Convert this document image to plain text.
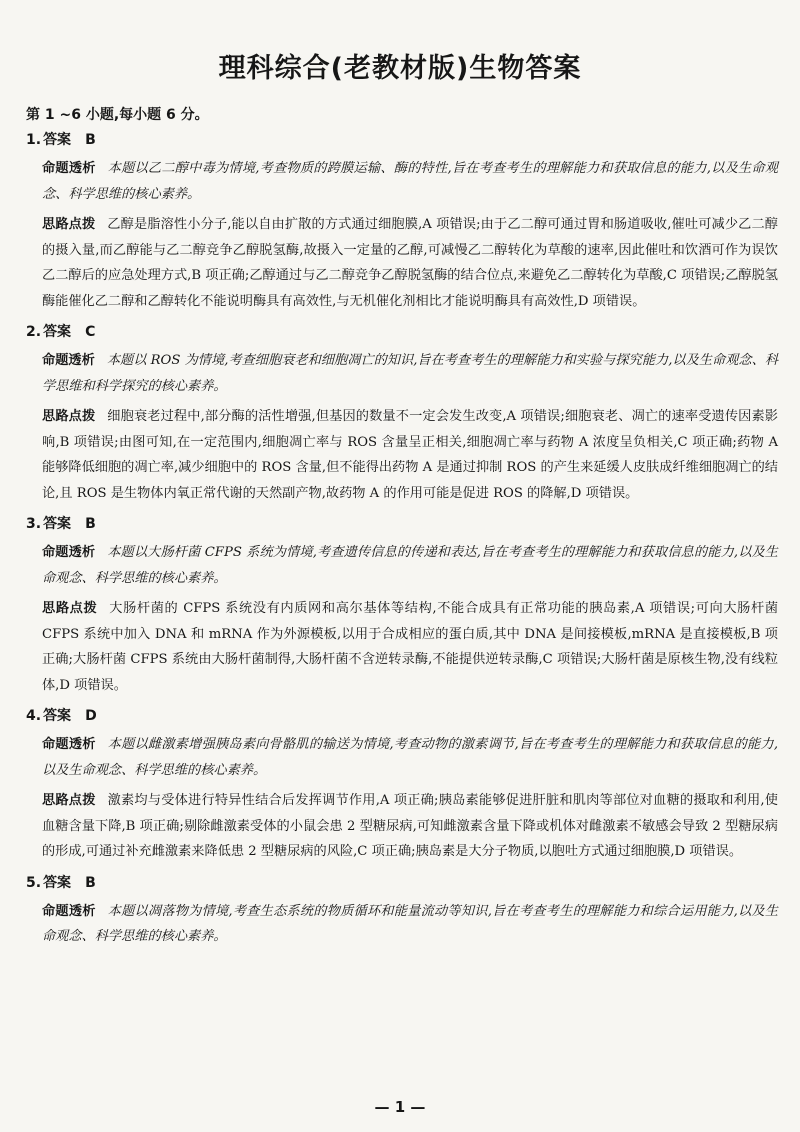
理科综合(老教材版)生物答案
第 1 ~6 小题,每小题 6 分。
1. 答案 B
命题透析 本题以乙二醇中毒为情境,考查物质的跨膜运输、酶的特性,旨在考查考生的理解能力和获取信息的能力,以及生命观念、科学思维的核心素养。
思路点拨 乙醇是脂溶性小分子,能以自由扩散的方式通过细胞膜,A 项错误;由于乙二醇可通过胃和肠道吸收,催吐可减少乙二醇的摄入量,而乙醇能与乙二醇竞争乙醇脱氢酶,故摄入一定量的乙醇,可减慢乙二醇转化为草酸的速率,因此催吐和饮酒可作为误饮乙二醇后的应急处理方式,B 项正确;乙醇通过与乙二醇竞争乙醇脱氢酶的结合位点,来避免乙二醇转化为草酸,C 项错误;乙醇脱氢酶能催化乙二醇和乙醇转化不能说明酶具有高效性,与无机催化剂相比才能说明酶具有高效性,D 项错误。
2. 答案 C
命题透析 本题以 ROS 为情境,考查细胞衰老和细胞凋亡的知识,旨在考查考生的理解能力和实验与探究能力,以及生命观念、科学思维和科学探究的核心素养。
思路点拨 细胞衰老过程中,部分酶的活性增强,但基因的数量不一定会发生改变,A 项错误;细胞衰老、凋亡的速率受遗传因素影响,B 项错误;由图可知,在一定范围内,细胞凋亡率与 ROS 含量呈正相关,细胞凋亡率与药物 A 浓度呈负相关,C 项正确;药物 A 能够降低细胞的凋亡率,减少细胞中的 ROS 含量,但不能得出药物 A 是通过抑制 ROS 的产生来延缓人皮肤成纤维细胞凋亡的结论,且 ROS 是生物体内氧正常代谢的天然副产物,故药物 A 的作用可能是促进 ROS 的降解,D 项错误。
3. 答案 B
命题透析 本题以大肠杆菌 CFPS 系统为情境,考查遗传信息的传递和表达,旨在考查考生的理解能力和获取信息的能力,以及生命观念、科学思维的核心素养。
思路点拨 大肠杆菌的 CFPS 系统没有内质网和高尔基体等结构,不能合成具有正常功能的胰岛素,A 项错误;可向大肠杆菌 CFPS 系统中加入 DNA 和 mRNA 作为外源模板,以用于合成相应的蛋白质,其中 DNA 是间接模板,mRNA 是直接模板,B 项正确;大肠杆菌 CFPS 系统由大肠杆菌制得,大肠杆菌不含逆转录酶,不能提供逆转录酶,C 项错误;大肠杆菌是原核生物,没有线粒体,D 项错误。
4. 答案 D
命题透析 本题以雌激素增强胰岛素向骨骼肌的输送为情境,考查动物的激素调节,旨在考查考生的理解能力和获取信息的能力,以及生命观念、科学思维的核心素养。
思路点拨 激素均与受体进行特异性结合后发挥调节作用,A 项正确;胰岛素能够促进肝脏和肌肉等部位对血糖的摄取和利用,使血糖含量下降,B 项正确;剔除雌激素受体的小鼠会患 2 型糖尿病,可知雌激素含量下降或机体对雌激素不敏感会导致 2 型糖尿病的形成,可通过补充雌激素来降低患 2 型糖尿病的风险,C 项正确;胰岛素是大分子物质,以胞吐方式通过细胞膜,D 项错误。
5. 答案 B
命题透析 本题以凋落物为情境,考查生态系统的物质循环和能量流动等知识,旨在考查考生的理解能力和综合运用能力,以及生命观念、科学思维的核心素养。
— 1 —
